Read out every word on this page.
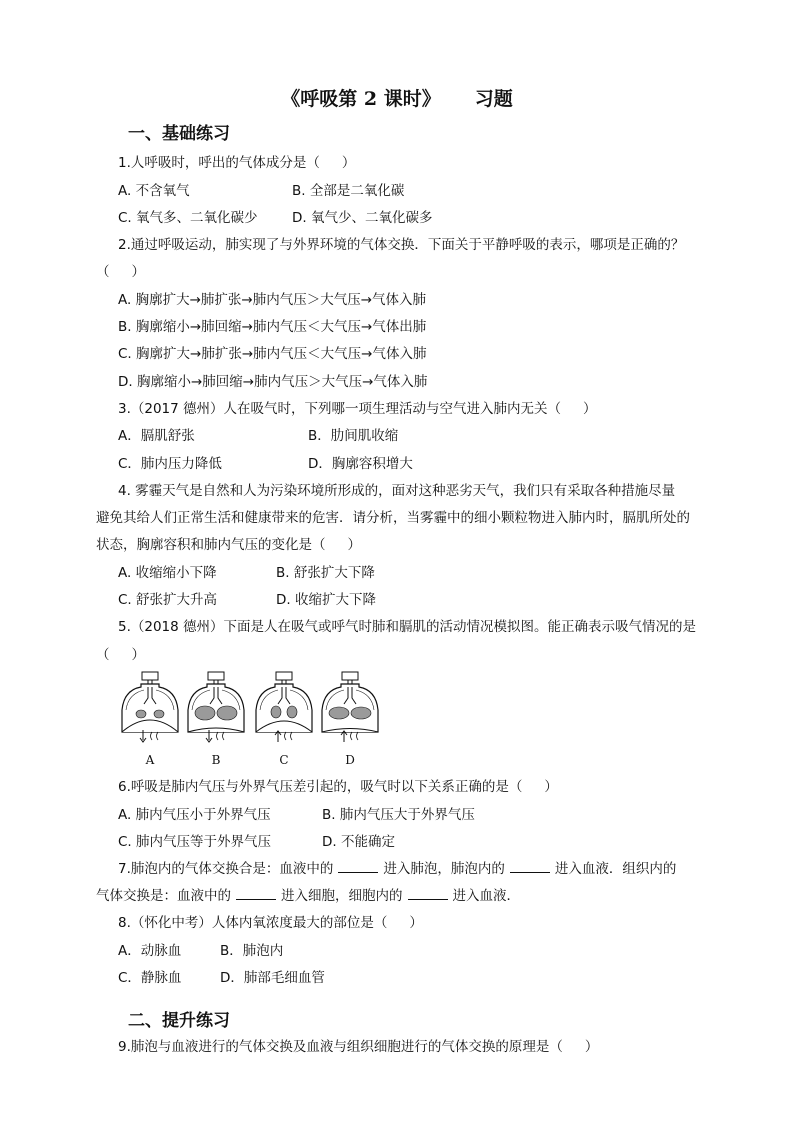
《呼吸第 2 课时》 习题
一、基础练习
1.人呼吸时，呼出的气体成分是（ ）
A. 不含氧气	B. 全部是二氧化碳
C. 氧气多、二氧化碳少	D. 氧气少、二氧化碳多
2.通过呼吸运动，肺实现了与外界环境的气体交换．下面关于平静呼吸的表示，哪项是正确的？
（ ）
A. 胸廓扩大→肺扩张→肺内气压＞大气压→气体入肺
B. 胸廓缩小→肺回缩→肺内气压＜大气压→气体出肺
C. 胸廓扩大→肺扩张→肺内气压＜大气压→气体入肺
D. 胸廓缩小→肺回缩→肺内气压＞大气压→气体入肺
3.（2017 德州）人在吸气时，下列哪一项生理活动与空气进入肺内无关（ ）
A．膈肌舒张	B．肋间肌收缩
C．肺内压力降低	D．胸廓容积增大
4. 雾霾天气是自然和人为污染环境所形成的，面对这种恶劣天气，我们只有采取各种措施尽量
避免其给人们正常生活和健康带来的危害．请分析，当雾霾中的细小颗粒物进入肺内时，膈肌所处的
状态，胸廓容积和肺内气压的变化是（ ）
A. 收缩缩小下降	B. 舒张扩大下降
C. 舒张扩大升高	D. 收缩扩大下降
5.（2018 德州）下面是人在吸气或呼气时肺和膈肌的活动情况模拟图。能正确表示吸气情况的是
（ ）
A	B	C	D
6.呼吸是肺内气压与外界气压差引起的，吸气时以下关系正确的是（ ）
A. 肺内气压小于外界气压	B. 肺内气压大于外界气压
C. 肺内气压等于外界气压	D. 不能确定
7.肺泡内的气体交换合是：血液中的	进入肺泡，肺泡内的	进入血液．组织内的
气体交换是：血液中的	进入细胞，细胞内的	进入血液．
8.（怀化中考）人体内氧浓度最大的部位是（ ）
A．动脉血	B．肺泡内
C．静脉血	D．肺部毛细血管
二、提升练习
9.肺泡与血液进行的气体交换及血液与组织细胞进行的气体交换的原理是（ ）
